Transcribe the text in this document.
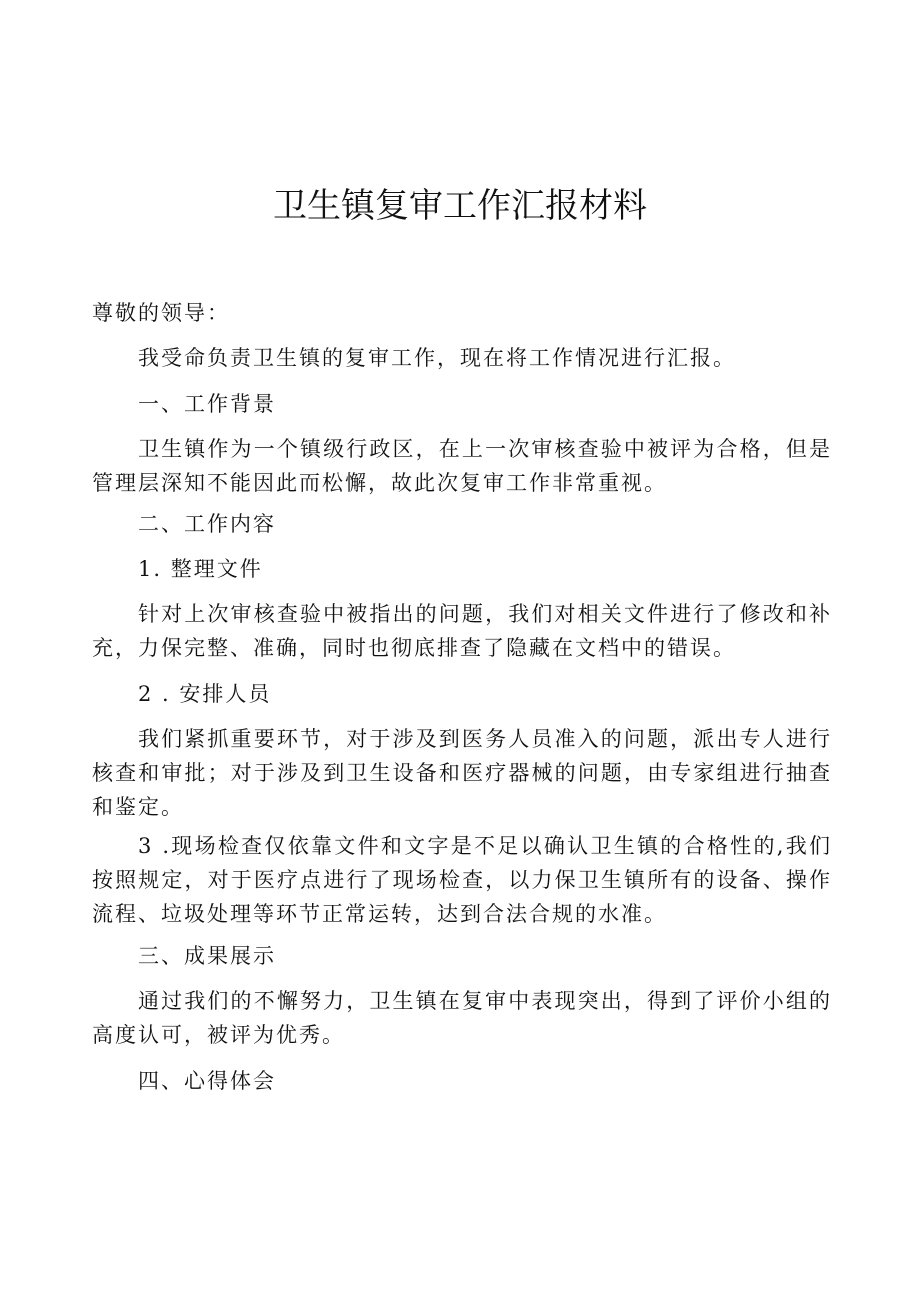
卫生镇复审工作汇报材料

尊敬的领导：

我受命负责卫生镇的复审工作，现在将工作情况进行汇报。

一、工作背景

卫生镇作为一个镇级行政区，在上一次审核查验中被评为合格，但是管理层深知不能因此而松懈，故此次复审工作非常重视。

二、工作内容

1. 整理文件

针对上次审核查验中被指出的问题，我们对相关文件进行了修改和补充，力保完整、准确，同时也彻底排查了隐藏在文档中的错误。

2 . 安排人员

我们紧抓重要环节，对于涉及到医务人员准入的问题，派出专人进行核查和审批；对于涉及到卫生设备和医疗器械的问题，由专家组进行抽查和鉴定。

3 .现场检查仅依靠文件和文字是不足以确认卫生镇的合格性的,我们按照规定，对于医疗点进行了现场检查，以力保卫生镇所有的设备、操作流程、垃圾处理等环节正常运转，达到合法合规的水准。

三、成果展示

通过我们的不懈努力，卫生镇在复审中表现突出，得到了评价小组的高度认可，被评为优秀。

四、心得体会
